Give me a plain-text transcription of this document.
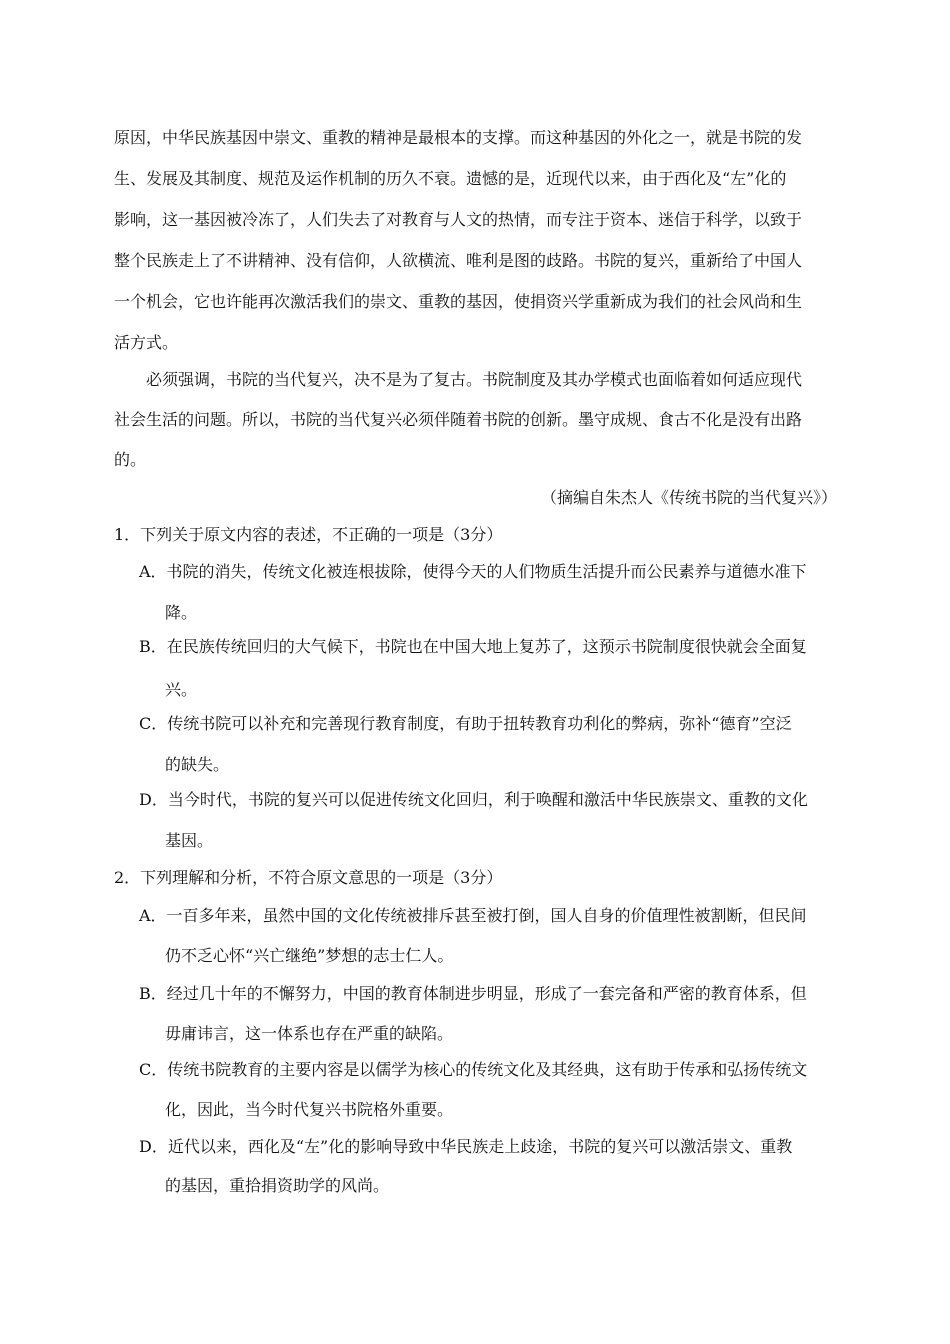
原因，中华民族基因中崇文、重教的精神是最根本的支撑。而这种基因的外化之一，就是书院的发
生、发展及其制度、规范及运作机制的历久不衰。遗憾的是，近现代以来，由于西化及“左”化的
影响，这一基因被冷冻了，人们失去了对教育与人文的热情，而专注于资本、迷信于科学，以致于
整个民族走上了不讲精神、没有信仰，人欲横流、唯利是图的歧路。书院的复兴，重新给了中国人
一个机会，它也许能再次激活我们的崇文、重教的基因，使捐资兴学重新成为我们的社会风尚和生
活方式。
必须强调，书院的当代复兴，决不是为了复古。书院制度及其办学模式也面临着如何适应现代
社会生活的问题。所以，书院的当代复兴必须伴随着书院的创新。墨守成规、食古不化是没有出路
的。
（摘编自朱杰人《传统书院的当代复兴》）
1．下列关于原文内容的表述，不正确的一项是（3分）
A．书院的消失，传统文化被连根拔除，使得今天的人们物质生活提升而公民素养与道德水准下
降。
B．在民族传统回归的大气候下，书院也在中国大地上复苏了，这预示书院制度很快就会全面复
兴。
C．传统书院可以补充和完善现行教育制度，有助于扭转教育功利化的弊病，弥补“德育”空泛
的缺失。
D．当今时代，书院的复兴可以促进传统文化回归，利于唤醒和激活中华民族崇文、重教的文化
基因。
2．下列理解和分析，不符合原文意思的一项是（3分）
A．一百多年来，虽然中国的文化传统被排斥甚至被打倒，国人自身的价值理性被割断，但民间
仍不乏心怀“兴亡继绝”梦想的志士仁人。
B．经过几十年的不懈努力，中国的教育体制进步明显，形成了一套完备和严密的教育体系，但
毋庸讳言，这一体系也存在严重的缺陷。
C．传统书院教育的主要内容是以儒学为核心的传统文化及其经典，这有助于传承和弘扬传统文
化，因此，当今时代复兴书院格外重要。
D．近代以来，西化及“左”化的影响导致中华民族走上歧途，书院的复兴可以激活崇文、重教
的基因，重拾捐资助学的风尚。
